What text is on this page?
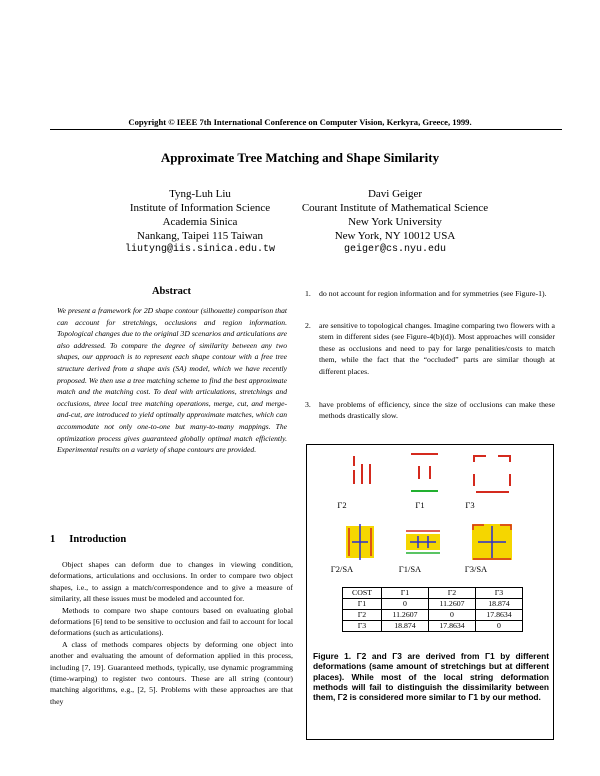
Copyright © IEEE 7th International Conference on Computer Vision, Kerkyra, Greece, 1999.
Approximate Tree Matching and Shape Similarity
Tyng-Luh Liu
Institute of Information Science
Academia Sinica
Nankang, Taipei 115 Taiwan
liutyng@iis.sinica.edu.tw
Davi Geiger
Courant Institute of Mathematical Science
New York University
New York, NY 10012 USA
geiger@cs.nyu.edu
Abstract
We present a framework for 2D shape contour (silhouette) comparison that can account for stretchings, occlusions and region information. Topological changes due to the original 3D scenarios and articulations are also addressed. To compare the degree of similarity between any two shapes, our approach is to represent each shape contour with a free tree structure derived from a shape axis (SA) model, which we have recently proposed. We then use a tree matching scheme to find the best approximate match and the matching cost. To deal with articulations, stretchings and occlusions, three local tree matching operations, merge, cut, and merge-and-cut, are introduced to yield optimally approximate matches, which can accommodate not only one-to-one but many-to-many mappings. The optimization process gives guaranteed globally optimal match efficiently. Experimental results on a variety of shape contours are provided.
1 Introduction

Object shapes can deform due to changes in viewing condition, deformations, articulations and occlusions. In order to compare two object shapes, i.e., to assign a match/correspondence and to give a measure of similarity, all these issues must be modeled and accounted for.

Methods to compare two shape contours based on evaluating global deformations [6] tend to be sensitive to occlusion and fail to account for local deformations (such as articulations).

A class of methods compares objects by deforming one object into another and evaluating the amount of deformation applied in this process, including [7, 19]. Guaranteed methods, typically, use dynamic programming (time-warping) to register two contours. These are all string (contour) matching algorithms, e.g., [2, 5]. Problems with these approaches are that they

1. do not account for region information and for symmetries (see Figure-1).
2. are sensitive to topological changes. Imagine comparing two flowers with a stem in different sides (see Figure-4(b)(d)). Most approaches will consider these as occlusions and need to pay for large penalities/costs to match them, while the fact that the “occluded” parts are similar though at different places.
3. have problems of efficiency, since the size of occlusions can make these methods drastically slow.
Γ2	Γ1	Γ3
Γ2/SA	Γ1/SA	Γ3/SA
COST	Γ1	Γ2	Γ3
Γ1	0	11.2607	18.874
Γ2	11.2607	0	17.8634
Γ3	18.874	17.8634	0
Figure 1. Γ2 and Γ3 are derived from Γ1 by different deformations (same amount of stretchings but at different places). While most of the local string deformation methods will fail to distinguish the dissimilarity between them, Γ2 is considered more similar to Γ1 by our method.
